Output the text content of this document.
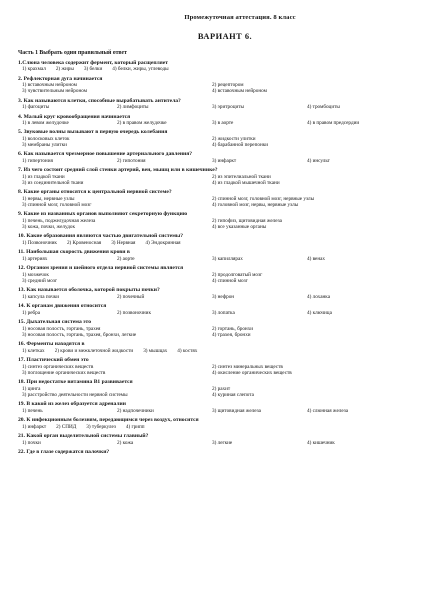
Промежуточная аттестация. 8 класс
ВАРИАНТ 6.
Часть 1 Выбрать один правильный ответ
1.Слюна человека содержит фермент, который расщепляет
1) крахмал	2) жиры	3) белки	4) белки, жиры, углеводы
2. Рефлекторная дуга начинается
1) вставочным нейроном	2) рецептором
3) чувствительным нейроном	4) вставочным нейроном
3. Как называются клетки, способные вырабатывать антитела?
1) фагоциты	2) лимфоциты	3) эритроциты	4) тромбоциты
4. Малый круг кровообращения начинается
1) в левом желудочке	2) в правом желудочке	3) в аорте	4) в правом предсердии
5. Звуковые волны вызывают в первую очередь колебания
1) волосковых клеток	2) жидкости улитки
3) мембраны улитки	4) барабанной перепонки
6. Как называется чрезмерное повышение артериального давления?
1) гипертония	2) гипотония	3) инфаркт	4) инсульт
7. Из чего состоит средний слой стенки артерий, вен, мышц или в кишечнике?
1) из гладкой ткани	2) из эпителиальной ткани
3) из соединительной ткани	4) из гладкой мышечной ткани
8. Какие органы относятся к центральной нервной системе?
1) нервы, нервные узлы	2) спинной мозг, головной мозг, нервные узлы
3) спинной мозг, головной мозг	4) головной мозг, нервы, нервные узлы
9. Какие из названных органов выполняют секреторную функцию
1) печень, поджелудочная железа	2) гипофиз, щитовидная железа
3) кожа, почки, желудок	4) все указанные органы
10. Какие образования являются частью двигательной системы?
1) Позвоночник	2) Кровеносная	3) Нервная	4) Эндокринная
11. Наибольшая скорость движения крови в
1) артериях	2) аорте	3) капиллярах	4) венах
12. Органом зрения и шейного отдела нервной системы является
1) мозжечок	2) продолговатый мозг
3) средний мозг	4) спинной мозг
13. Как называется оболочка, которой покрыты почки?
1) капсула почки	2) почечный	3) нефрон	4) лоханка
14. К органам движения относится
1) ребра	2) позвоночник	3) лопатка	4) ключица
15. Дыхательная система это
1) носовая полость, гортань, трахея	2) гортань, бронхи
3) носовая полость, гортань, трахея, бронхи, легкие	4) трахея, бронхи
16. Ферменты находятся в
1) клетках	2) крови и межклеточной жидкости	3) мышцах	4) костях
17. Пластический обмен это
1) синтез органических веществ	2) синтез минеральных веществ
3) поглощение органических веществ	4) окисление органических веществ
18. При недостатке витамина В1 развивается
1) цинга	2) рахит
3) расстройство деятельности нервной системы	4) куриная слепота
19. В какой из желез образуется адреналин
1) печень	2) надпочечники	3) щитовидная железа	4) слюнная железа
20. К инфекционным болезням, передающимся через воздух, относится
1) инфаркт	2) СПИД	3) туберкулез	4) грипп
21. Какой орган выделительной системы главный?
1) почки	2) кожа	3) легкие	4) кишечник
22. Где в глазе содержатся палочки?
